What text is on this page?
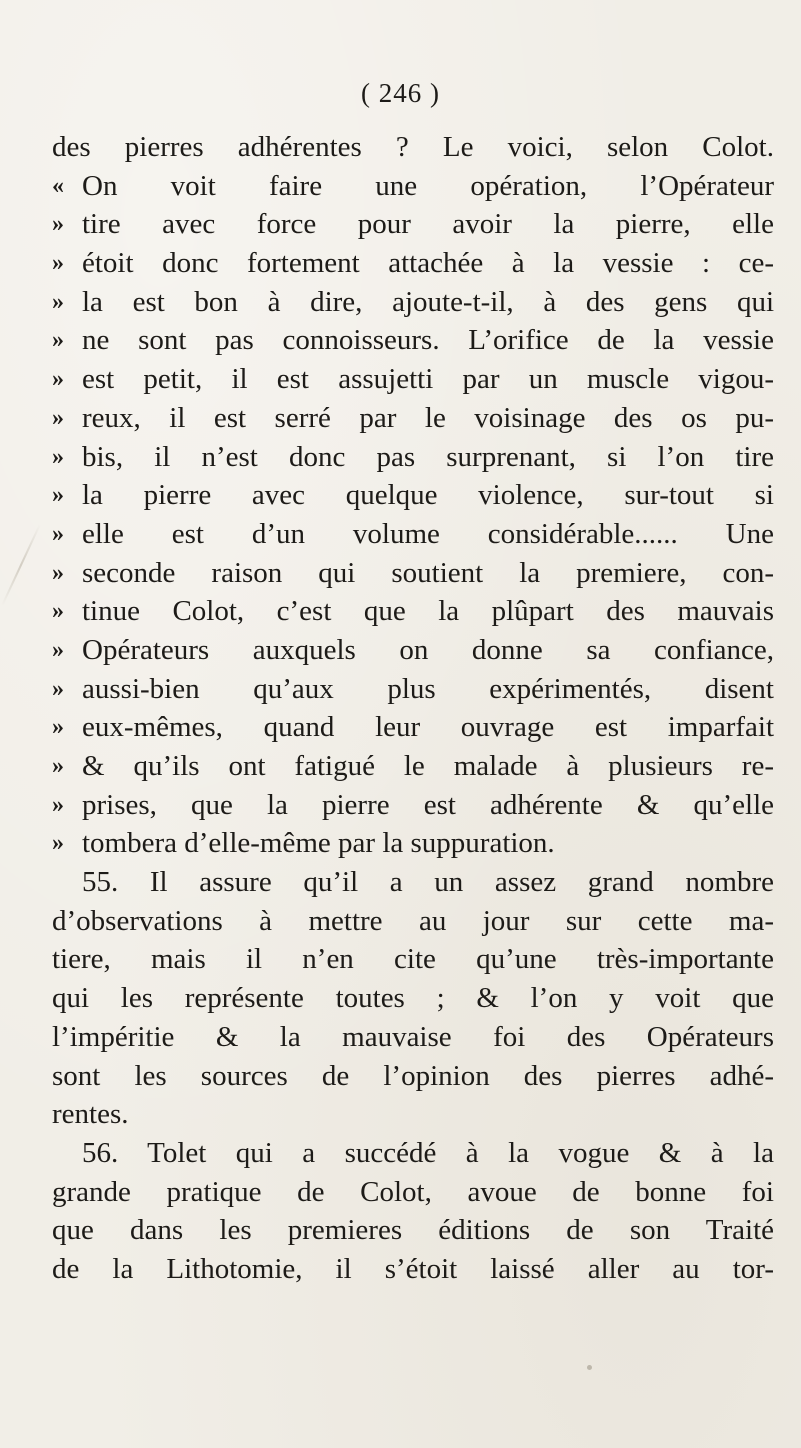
( 246 )
des pierres adhérentes ? Le voici, selon Colot.
« On voit faire une opération, l’Opérateur
» tire avec force pour avoir la pierre, elle
» étoit donc fortement attachée à la vessie : ce-
» la est bon à dire, ajoute-t-il, à des gens qui
» ne sont pas connoisseurs. L’orifice de la vessie
» est petit, il est assujetti par un muscle vigou-
» reux, il est serré par le voisinage des os pu-
» bis, il n’est donc pas surprenant, si l’on tire
» la pierre avec quelque violence, sur-tout si
» elle est d’un volume considérable...... Une
» seconde raison qui soutient la premiere, con-
» tinue Colot, c’est que la plûpart des mauvais
» Opérateurs auxquels on donne sa confiance,
» aussi-bien qu’aux plus expérimentés, disent
» eux-mêmes, quand leur ouvrage est imparfait
» & qu’ils ont fatigué le malade à plusieurs re-
» prises, que la pierre est adhérente & qu’elle
» tombera d’elle-même par la suppuration.
55. Il assure qu’il a un assez grand nombre
d’observations à mettre au jour sur cette ma-
tiere, mais il n’en cite qu’une très-importante
qui les représente toutes ; & l’on y voit que
l’impéritie & la mauvaise foi des Opérateurs
sont les sources de l’opinion des pierres adhé-
rentes.
56. Tolet qui a succédé à la vogue & à la
grande pratique de Colot, avoue de bonne foi
que dans les premieres éditions de son Traité
de la Lithotomie, il s’étoit laissé aller au tor-
